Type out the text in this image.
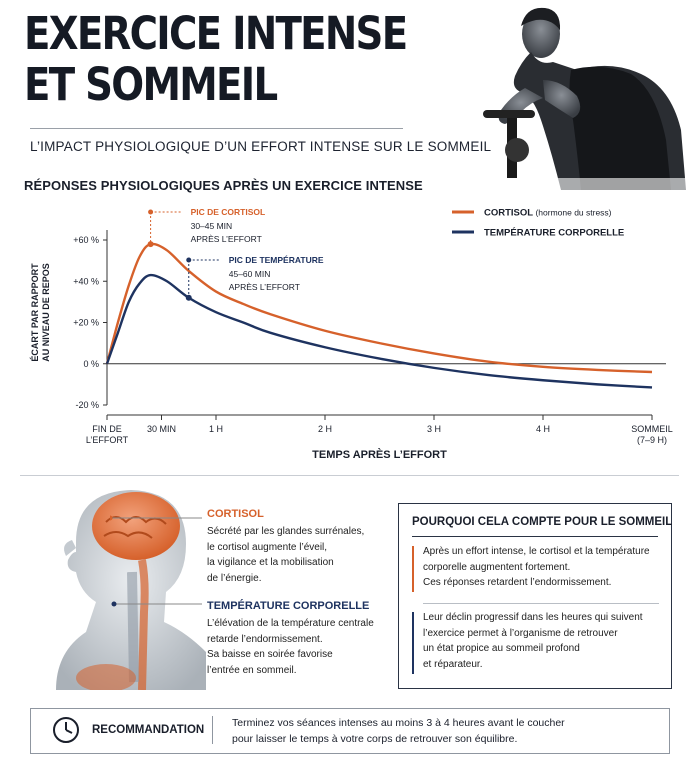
EXERCICE INTENSE
ET SOMMEIL
L’IMPACT PHYSIOLOGIQUE D’UN EFFORT INTENSE SUR LE SOMMEIL
RÉPONSES PHYSIOLOGIQUES APRÈS UN EXERCICE INTENSE
+60 %
+40 %
+20 %
0 %
-20 %
FIN DE
L’EFFORT
30 MIN	1 H	2 H	3 H	4 H	SOMMEIL
(7–9 H)
TEMPS APRÈS L’EFFORT
ÉCART PAR RAPPORTAU NIVEAU DE REPOS
PIC DE CORTISOL
30–45 MIN
APRÈS L’EFFORT
PIC DE TEMPÉRATURE
45–60 MIN
APRÈS L’EFFORT
CORTISOL (hormone du stress)
TEMPÉRATURE CORPORELLE
CORTISOL
Sécrété par les glandes surrénales,
le cortisol augmente l’éveil,
la vigilance et la mobilisation
de l’énergie.
TEMPÉRATURE CORPORELLE
L’élévation de la température centrale
retarde l’endormissement.
Sa baisse en soirée favorise
l’entrée en sommeil.
POURQUOI CELA COMPTE POUR LE SOMMEIL
Après un effort intense, le cortisol et la température
corporelle augmentent fortement.
Ces réponses retardent l’endormissement.
Leur déclin progressif dans les heures qui suivent
l’exercice permet à l’organisme de retrouver
un état propice au sommeil profond
et réparateur.
RECOMMANDATION
Terminez vos séances intenses au moins 3 à 4 heures avant le coucher
pour laisser le temps à votre corps de retrouver son équilibre.
